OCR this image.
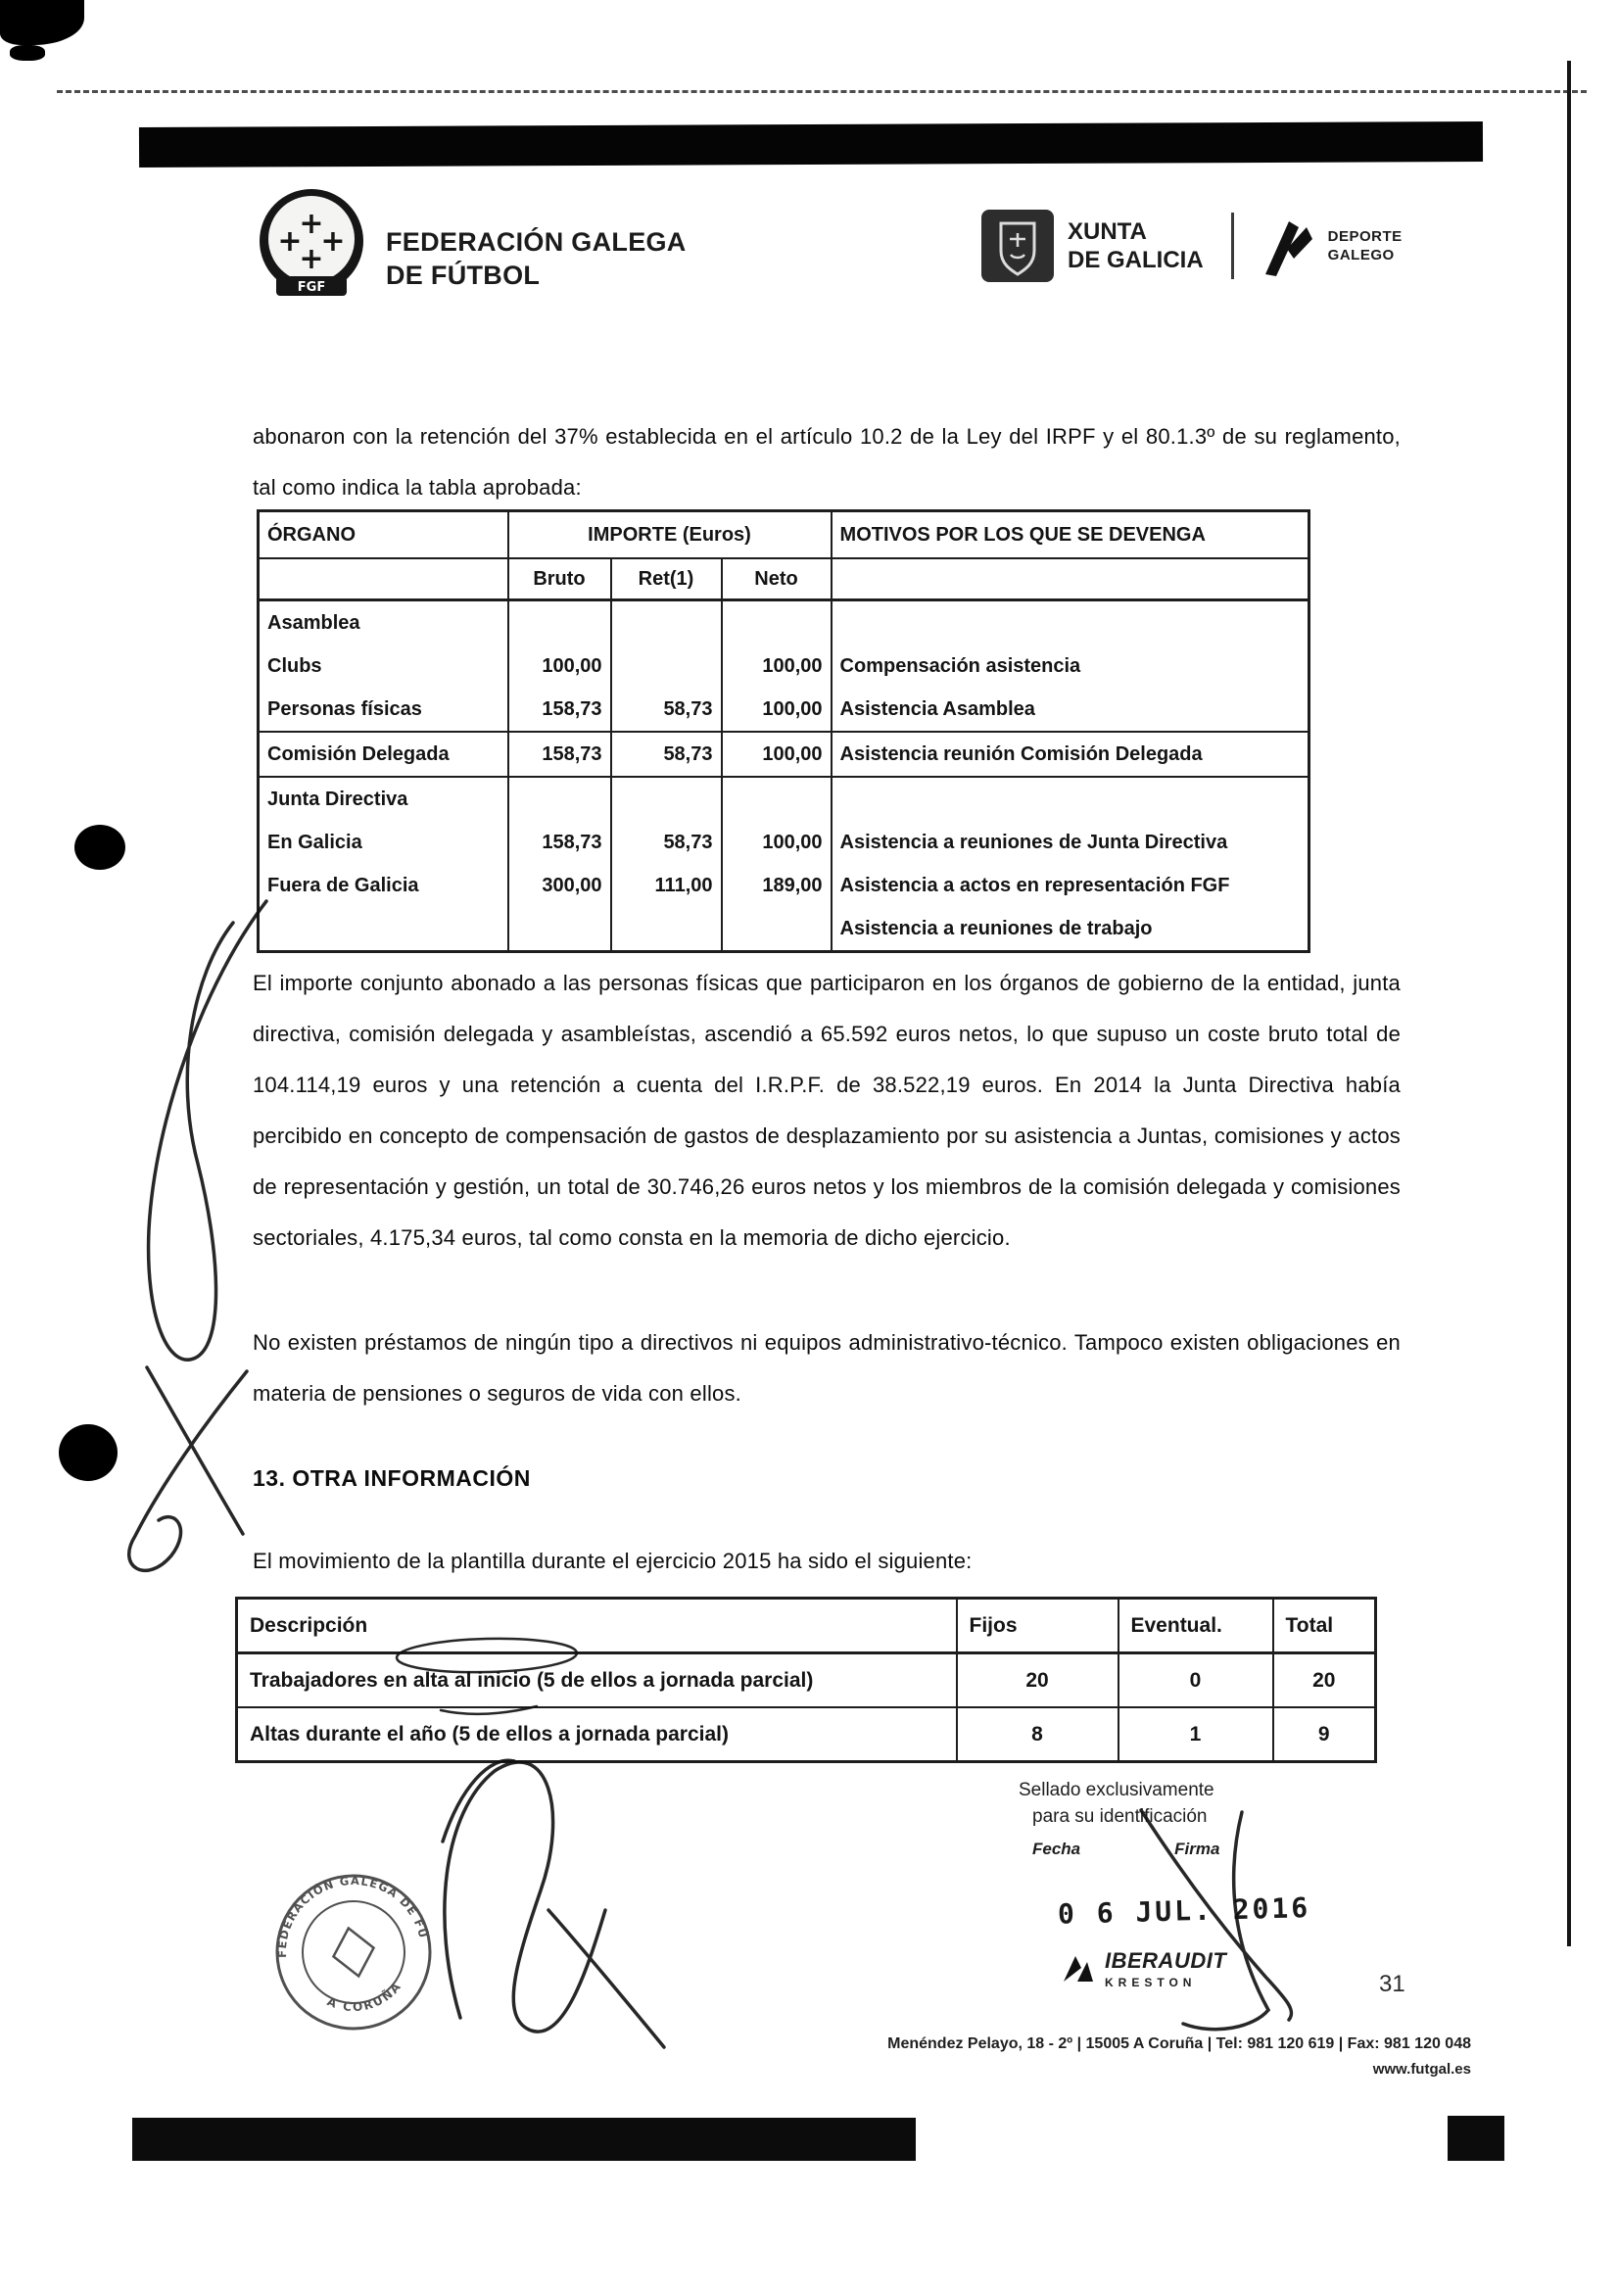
+
+ +
+
FGF
FEDERACIÓN GALEGA
DE FÚTBOL
XUNTA
DE GALICIA
DEPORTE
GALEGO

abonaron con la retención del 37% establecida en el artículo 10.2 de la Ley del IRPF y el 80.1.3º de su reglamento, tal como indica la tabla aprobada:

ÓRGANO	IMPORTE (Euros)			MOTIVOS POR LOS QUE SE DEVENGA
	Bruto	Ret(1)	Neto	
Asamblea				
Clubs	100,00		100,00	Compensación asistencia
Personas físicas	158,73	58,73	100,00	Asistencia Asamblea
Comisión Delegada	158,73	58,73	100,00	Asistencia reunión Comisión Delegada
Junta Directiva				
En Galicia	158,73	58,73	100,00	Asistencia a reuniones de Junta Directiva
Fuera de Galicia	300,00	111,00	189,00	Asistencia a actos en representación FGF
				Asistencia a reuniones de trabajo

El importe conjunto abonado a las personas físicas que participaron en los órganos de gobierno de la entidad, junta directiva, comisión delegada y asambleístas, ascendió a 65.592 euros netos, lo que supuso un coste bruto total de 104.114,19 euros y una retención a cuenta del I.R.P.F. de 38.522,19 euros. En 2014 la Junta Directiva había percibido en concepto de compensación de gastos de desplazamiento por su asistencia a Juntas, comisiones y actos de representación y gestión, un total de 30.746,26 euros netos y los miembros de la comisión delegada y comisiones sectoriales, 4.175,34 euros, tal como consta en la memoria de dicho ejercicio.

No existen préstamos de ningún tipo a directivos ni equipos administrativo-técnico. Tampoco existen obligaciones en materia de pensiones o seguros de vida con ellos.

13. OTRA INFORMACIÓN

El movimiento de la plantilla durante el ejercicio 2015 ha sido el siguiente:

Descripción	Fijos	Eventual.	Total
Trabajadores en alta al inicio (5 de ellos a jornada parcial)	20	0	20
Altas durante el año (5 de ellos a jornada parcial)	8	1	9
Sellado exclusivamente
para su identificación
Fecha	Firma
0 6 JUL. 2016
IBERAUDIT
KRESTON	31
FEDERACIÓN GALEGA DE FÚTBOL
A CORUÑA
Menéndez Pelayo, 18 - 2º | 15005 A Coruña | Tel: 981 120 619 | Fax: 981 120 048
www.futgal.es
